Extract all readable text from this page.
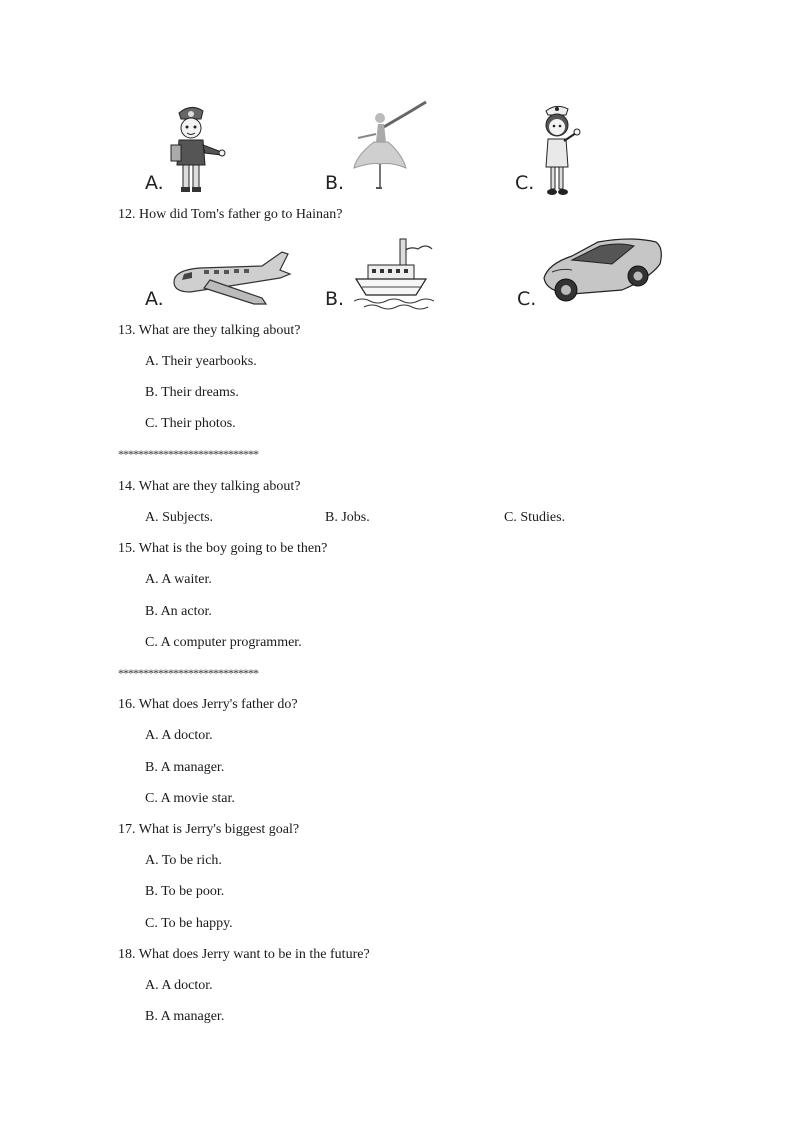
A.	B.	C.
12. How did Tom's father go to Hainan?
A.	B.	C.
13. What are they talking about?
A. Their yearbooks.
B. Their dreams.
C. Their photos.
****************************
14. What are they talking about?
A. Subjects.	B. Jobs.	C. Studies.
15. What is the boy going to be then?
A. A waiter.
B. An actor.
C. A computer programmer.
****************************
16. What does Jerry's father do?
A. A doctor.
B. A manager.
C. A movie star.
17. What is Jerry's biggest goal?
A. To be rich.
B. To be poor.
C. To be happy.
18. What does Jerry want to be in the future?
A. A doctor.
B. A manager.
